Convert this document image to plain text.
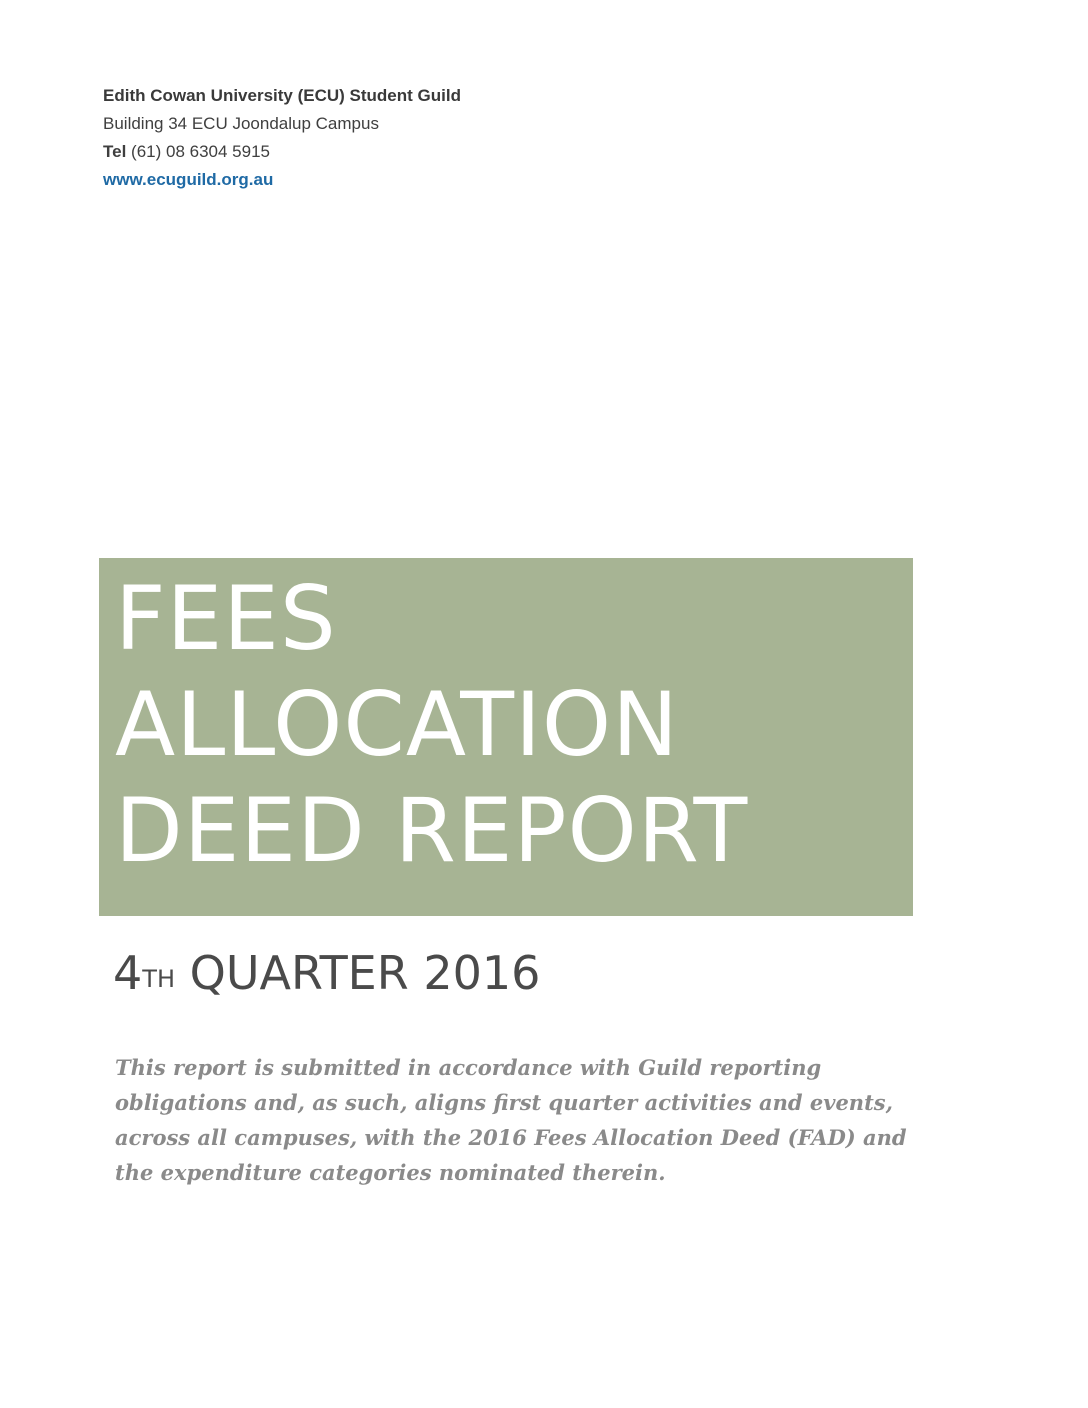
Edith Cowan University (ECU) Student Guild
Building 34 ECU Joondalup Campus
Tel (61) 08 6304 5915
www.ecuguild.org.au
FEES
ALLOCATION
DEED REPORT
4TH QUARTER 2016
This report is submitted in accordance with Guild reporting obligations and, as such, aligns first quarter activities and events, across all campuses, with the 2016 Fees Allocation Deed (FAD) and the expenditure categories nominated therein.
